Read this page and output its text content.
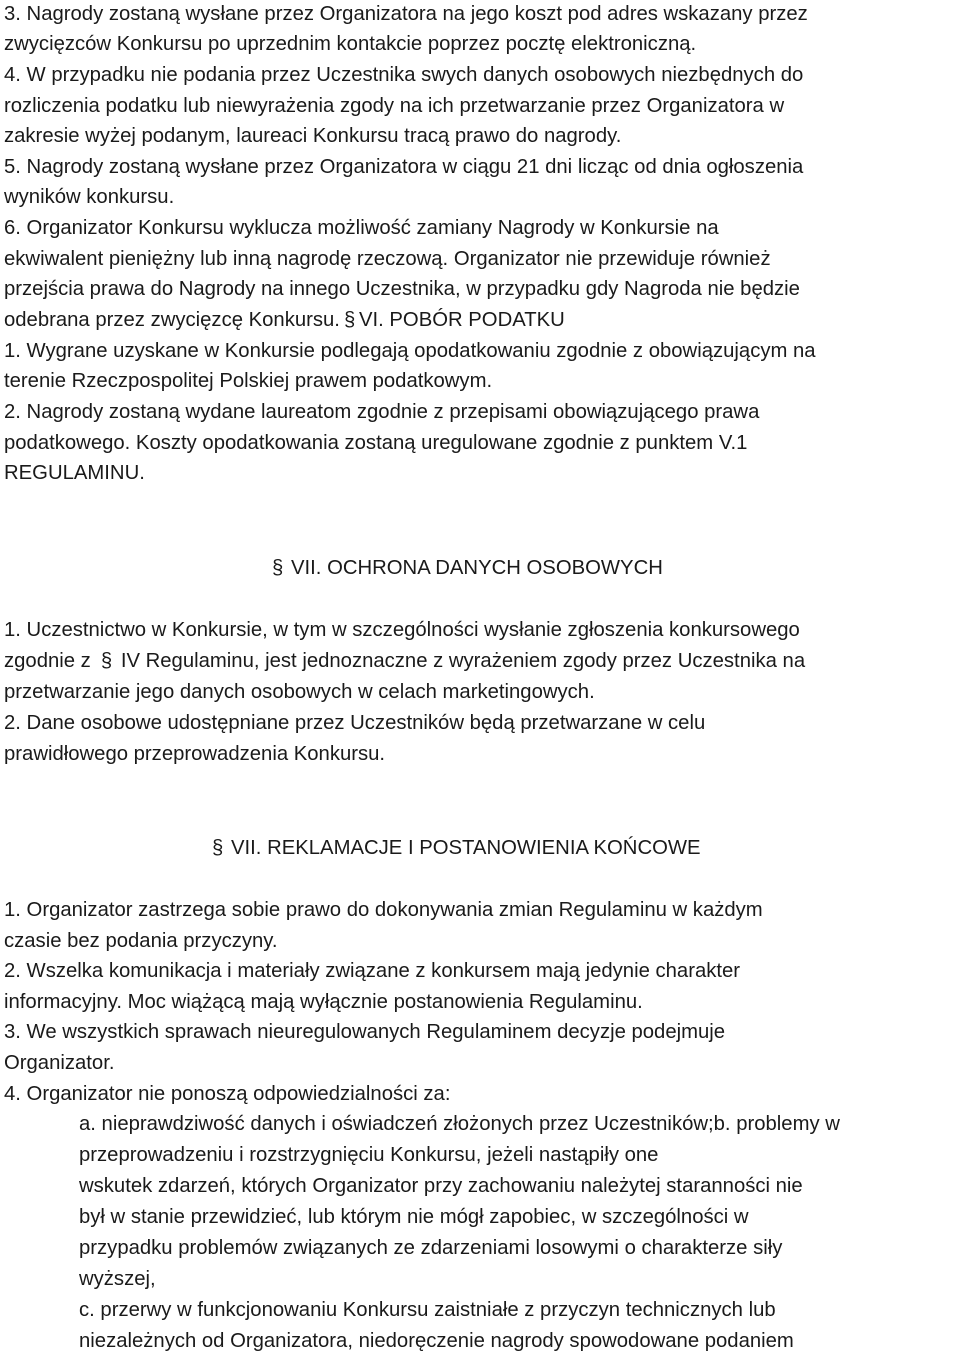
3. Nagrody zostaną wysłane przez Organizatora na jego koszt pod adres wskazany przez
zwycięzców Konkursu po uprzednim kontakcie poprzez pocztę elektroniczną.
4. W przypadku nie podania przez Uczestnika swych danych osobowych niezbędnych do
rozliczenia podatku lub niewyrażenia zgody na ich przetwarzanie przez Organizatora w
zakresie wyżej podanym, laureaci Konkursu tracą prawo do nagrody.
5. Nagrody zostaną wysłane przez Organizatora w ciągu 21 dni licząc od dnia ogłoszenia
wyników konkursu.
6. Organizator Konkursu wyklucza możliwość zamiany Nagrody w Konkursie na
ekwiwalent pieniężny lub inną nagrodę rzeczową. Organizator nie przewiduje również
przejścia prawa do Nagrody na innego Uczestnika, w przypadku gdy Nagroda nie będzie
odebrana przez zwycięzcę Konkursu. § VI. POBÓR PODATKU
1. Wygrane uzyskane w Konkursie podlegają opodatkowaniu zgodnie z obowiązującym na
terenie Rzeczpospolitej Polskiej prawem podatkowym.
2. Nagrody zostaną wydane laureatom zgodnie z przepisami obowiązującego prawa
podatkowego. Koszty opodatkowania zostaną uregulowane zgodnie z punktem V.1
REGULAMINU.
§ VII. OCHRONA DANYCH OSOBOWYCH
1. Uczestnictwo w Konkursie, w tym w szczególności wysłanie zgłoszenia konkursowego
zgodnie z § IV Regulaminu, jest jednoznaczne z wyrażeniem zgody przez Uczestnika na
przetwarzanie jego danych osobowych w celach marketingowych.
2. Dane osobowe udostępniane przez Uczestników będą przetwarzane w celu
prawidłowego przeprowadzenia Konkursu.
§ VII. REKLAMACJE I POSTANOWIENIA KOŃCOWE
1. Organizator zastrzega sobie prawo do dokonywania zmian Regulaminu w każdym
czasie bez podania przyczyny.
2. Wszelka komunikacja i materiały związane z konkursem mają jedynie charakter
informacyjny. Moc wiążącą mają wyłącznie postanowienia Regulaminu.
3. We wszystkich sprawach nieuregulowanych Regulaminem decyzje podejmuje
Organizator.
4. Organizator nie ponoszą odpowiedzialności za:
a. nieprawdziwość danych i oświadczeń złożonych przez Uczestników;b. problemy w
przeprowadzeniu i rozstrzygnięciu Konkursu, jeżeli nastąpiły one
wskutek zdarzeń, których Organizator przy zachowaniu należytej staranności nie
był w stanie przewidzieć, lub którym nie mógł zapobiec, w szczególności w
przypadku problemów związanych ze zdarzeniami losowymi o charakterze siły
wyższej,
c. przerwy w funkcjonowaniu Konkursu zaistniałe z przyczyn technicznych lub
niezależnych od Organizatora, niedoręczenie nagrody spowodowane podaniem
